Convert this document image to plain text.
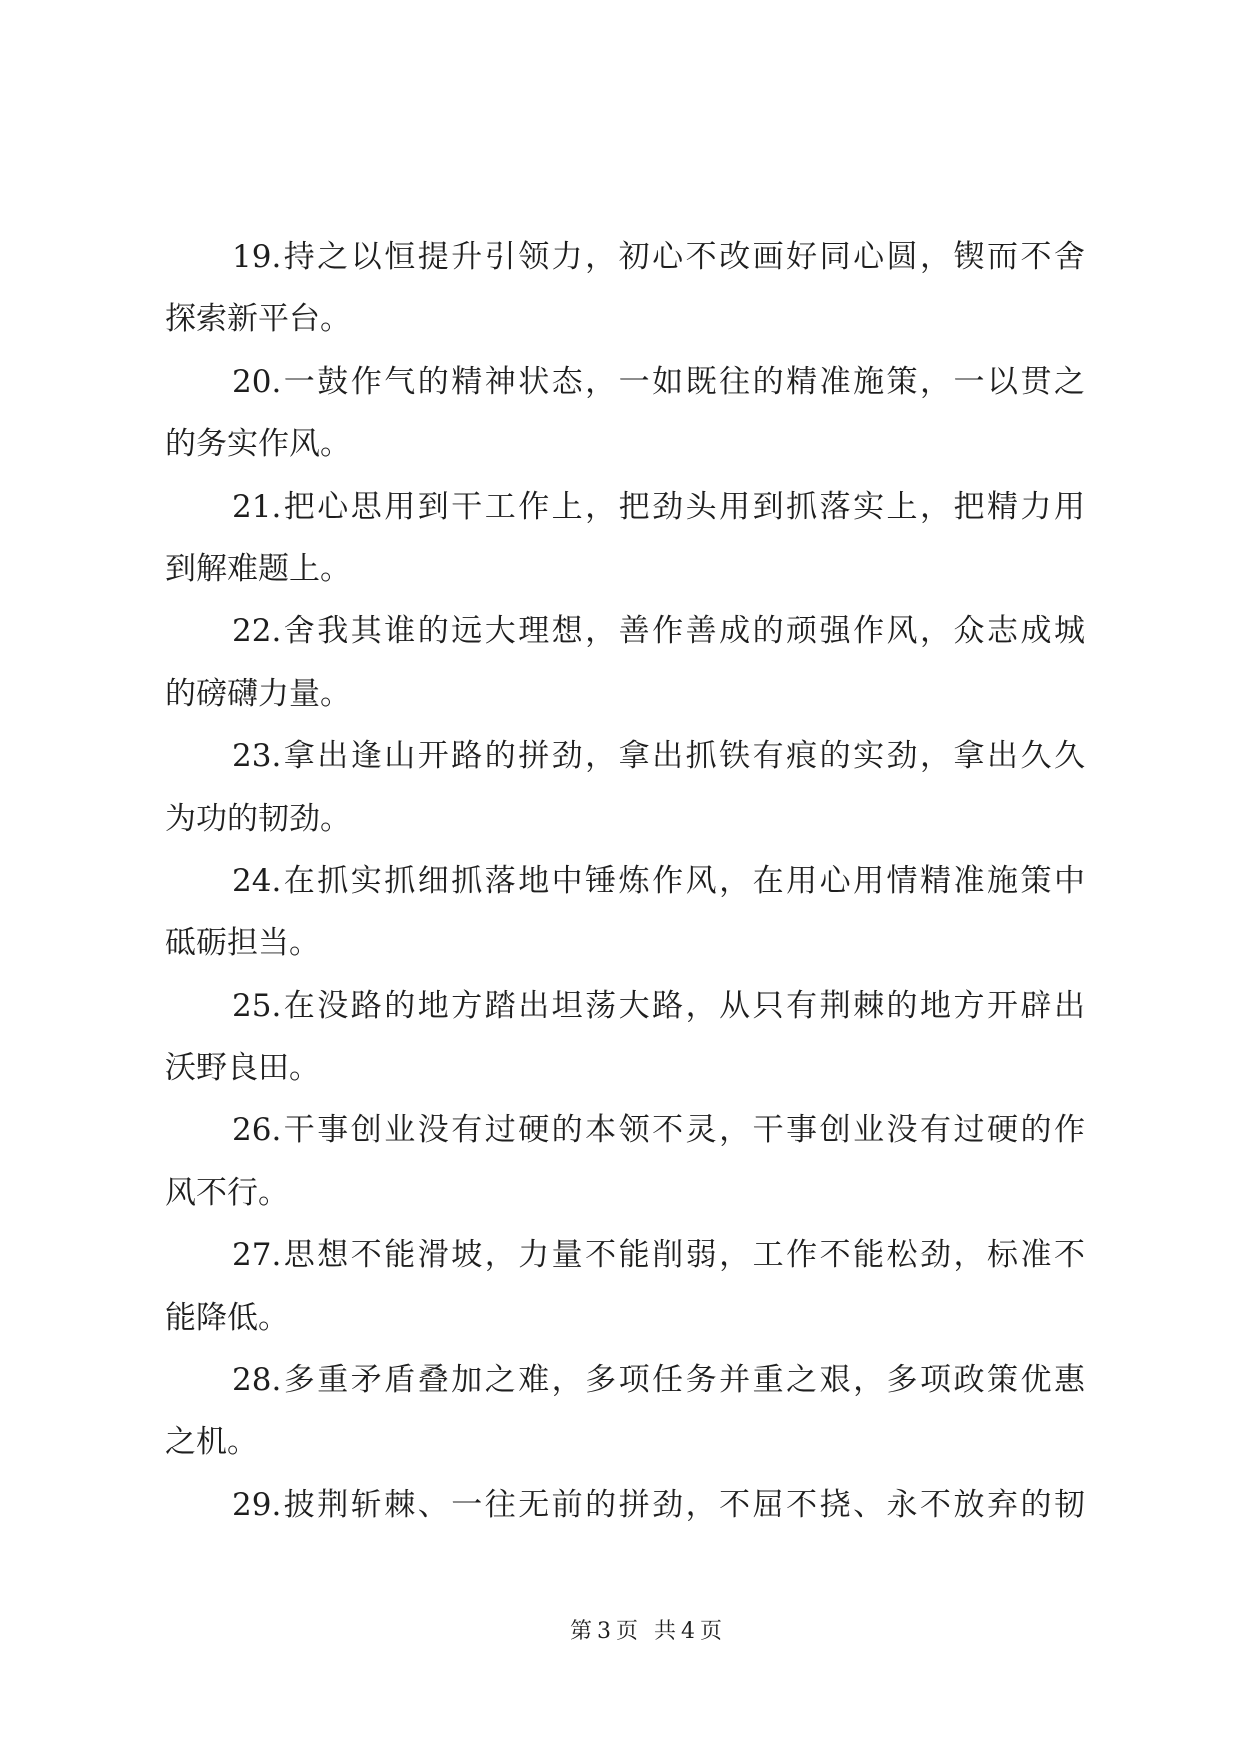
19.持之以恒提升引领力，初心不改画好同心圆，锲而不舍
探索新平台。
20.一鼓作气的精神状态，一如既往的精准施策，一以贯之
的务实作风。
21.把心思用到干工作上，把劲头用到抓落实上，把精力用
到解难题上。
22.舍我其谁的远大理想，善作善成的顽强作风，众志成城
的磅礴力量。
23.拿出逢山开路的拼劲，拿出抓铁有痕的实劲，拿出久久
为功的韧劲。
24.在抓实抓细抓落地中锤炼作风，在用心用情精准施策中
砥砺担当。
25.在没路的地方踏出坦荡大路，从只有荆棘的地方开辟出
沃野良田。
26.干事创业没有过硬的本领不灵，干事创业没有过硬的作
风不行。
27.思想不能滑坡，力量不能削弱，工作不能松劲，标准不
能降低。
28.多重矛盾叠加之难，多项任务并重之艰，多项政策优惠
之机。
29.披荆斩棘、一往无前的拼劲，不屈不挠、永不放弃的韧
第 3 页 共 4 页
